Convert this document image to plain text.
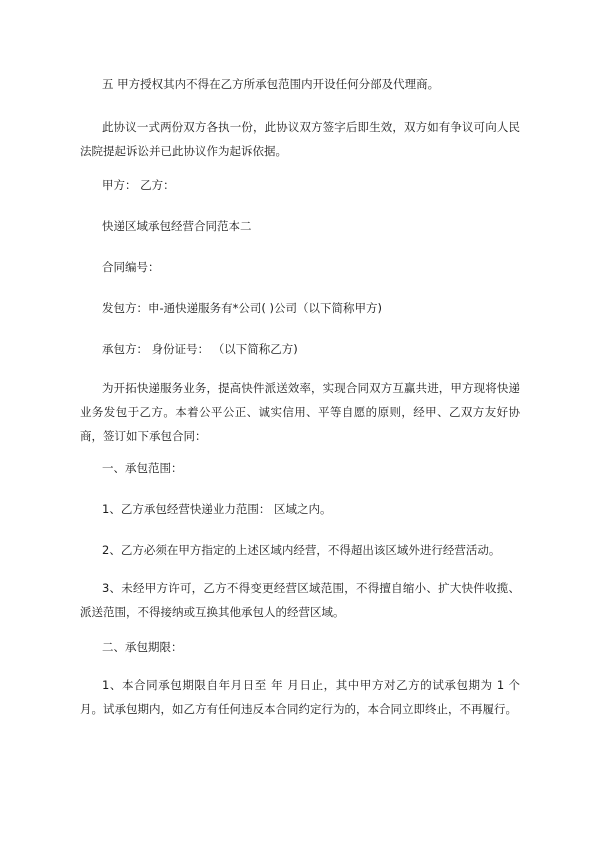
五 甲方授权其内不得在乙方所承包范围内开设任何分部及代理商。

此协议一式两份双方各执一份，此协议双方签字后即生效，双方如有争议可向人民法院提起诉讼并已此协议作为起诉依据。

甲方： 乙方：

快递区域承包经营合同范本二

合同编号：

发包方：申-通快递服务有*公司( )公司（以下简称甲方)

承包方： 身份证号： （以下简称乙方)

为开拓快递服务业务，提高快件派送效率，实现合同双方互赢共进，甲方现将快递业务发包于乙方。本着公平公正、诚实信用、平等自愿的原则，经甲、乙双方友好协商，签订如下承包合同：

一、承包范围：

1、乙方承包经营快递业力范围： 区域之内。

2、乙方必须在甲方指定的上述区域内经营，不得超出该区域外进行经营活动。

3、未经甲方许可，乙方不得变更经营区域范围，不得擅自缩小、扩大快件收揽、派送范围，不得接纳或互换其他承包人的经营区域。

二、承包期限：

1、本合同承包期限自年月日至 年 月日止，其中甲方对乙方的试承包期为 1 个月。试承包期内，如乙方有任何违反本合同约定行为的，本合同立即终止，不再履行。
